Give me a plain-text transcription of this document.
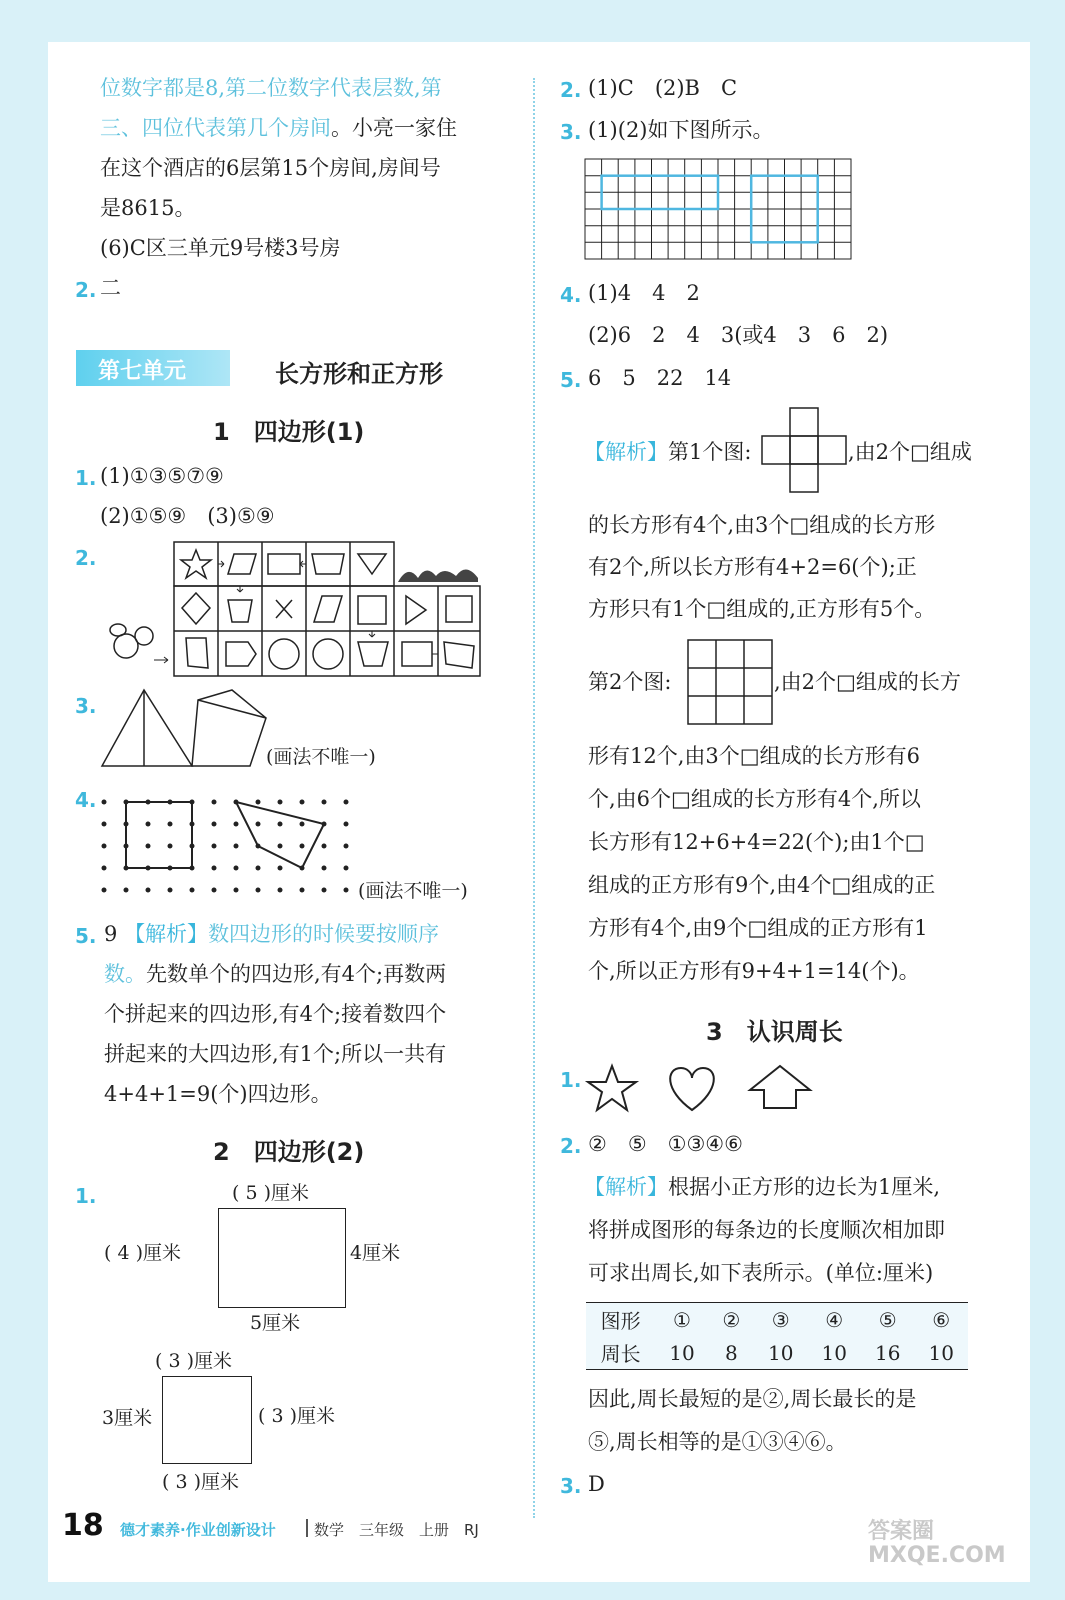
位数字都是8,第二位数字代表层数,第
三、四位代表第几个房间。小亮一家住
在这个酒店的6层第15个房间,房间号
是8615。
(6)C区三单元9号楼3号房
2. 二
第七单元	长方形和正方形
1　四边形(1)
1. (1)①③⑤⑦⑨
(2)①⑤⑨　(3)⑤⑨
2.
3.
(画法不唯一)
4.
(画法不唯一)
5. 9 【解析】数四边形的时候要按顺序
数。先数单个的四边形,有4个;再数两
个拼起来的四边形,有4个;接着数四个
拼起来的大四边形,有1个;所以一共有
4+4+1=9(个)四边形。
2　四边形(2)
1.	( 5 )厘米
( 4 )厘米	4厘米
5厘米
( 3 )厘米
3厘米	( 3 )厘米
( 3 )厘米
2. (1)C　(2)B　C
3. (1)(2)如下图所示。
4. (1)4　4　2
(2)6　2　4　3(或4　3　6　2)
5. 6　5　22　14
【解析】第1个图:	,由2个□组成
的长方形有4个,由3个□组成的长方形
有2个,所以长方形有4+2=6(个);正
方形只有1个□组成的,正方形有5个。
第2个图:	,由2个□组成的长方
形有12个,由3个□组成的长方形有6
个,由6个□组成的长方形有4个,所以
长方形有12+6+4=22(个);由1个□
组成的正方形有9个,由4个□组成的正
方形有4个,由9个□组成的正方形有1
个,所以正方形有9+4+1=14(个)。
3　认识周长
1.
2. ②　⑤　①③④⑥
【解析】根据小正方形的边长为1厘米,
将拼成图形的每条边的长度顺次相加即
可求出周长,如下表所示。(单位:厘米)
图形	①	②	③	④	⑤	⑥
周长	10	8	10	10	16	10
因此,周长最短的是②,周长最长的是
⑤,周长相等的是①③④⑥。
3. D
18 德才素养·作业创新设计	数学　三年级　上册　RJ	答案圈 MXQE.COM
